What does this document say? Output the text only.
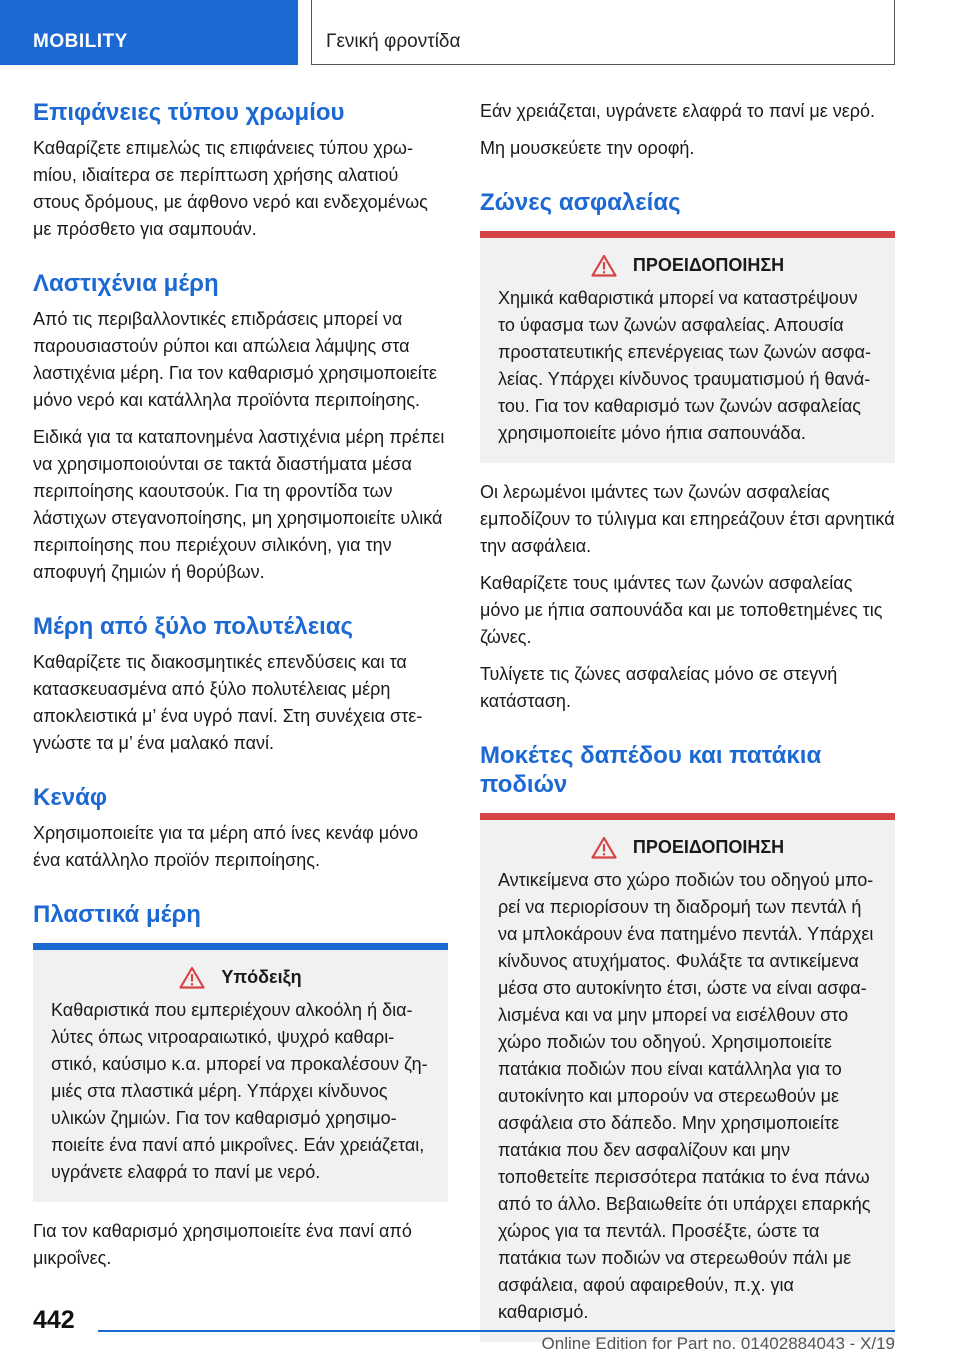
MOBILITY	Γενική φροντίδα
Επιφάνειες τύπου χρωμίου

Καθαρίζετε επιμελώς τις επιφάνειες τύπου χρωmίου, ιδιαίτερα σε περίπτωση χρήσης αλατιού στους δρόμους, με άφθονο νερό και ενδεχομένως με πρόσθετο για σαμπουάν.

Λαστιχένια μέρη

Από τις περιβαλλοντικές επιδράσεις μπορεί να παρουσιαστούν ρύποι και απώλεια λάμψης στα λαστιχένια μέρη. Για τον καθαρισμό χρησιμοποιείτε μόνο νερό και κατάλληλα προϊόντα περιποίησης.

Ειδικά για τα καταπονημένα λαστιχένια μέρη πρέπει να χρησιμοποιούνται σε τακτά διαστήματα μέσα περιποίησης καουτσούκ. Για τη φροντίδα των λάστιχων στεγανοποίησης, μη χρησιμοποιείτε υλικά περιποίησης που περιέχουν σιλικόνη, για την αποφυγή ζημιών ή θορύβων.

Μέρη από ξύλο πολυτέλειας

Καθαρίζετε τις διακοσμητικές επενδύσεις και τα κατασκευασμένα από ξύλο πολυτέλειας μέρη αποκλειστικά μ’ ένα υγρό πανί. Στη συνέχεια στεγνώστε τα μ’ ένα μαλακό πανί.

Κενάφ

Χρησιμοποιείτε για τα μέρη από ίνες κενάφ μόνο ένα κατάλληλο προϊόν περιποίησης.

Πλαστικά μέρη
Υπόδειξη

Καθαριστικά που εμπεριέχουν αλκοόλη ή διαλύτες όπως νιτροαραιωτικό, ψυχρό καθαριστικό, καύσιμο κ.α. μπορεί να προκαλέσουν ζημιές στα πλαστικά μέρη. Υπάρχει κίνδυνος υλικών ζημιών. Για τον καθαρισμό χρησιμοποιείτε ένα πανί από μικροΐνες. Εάν χρειάζεται, υγράνετε ελαφρά το πανί με νερό.

Για τον καθαρισμό χρησιμοποιείτε ένα πανί από μικροΐνες.

Εάν χρειάζεται, υγράνετε ελαφρά το πανί με νερό.

Μη μουσκεύετε την οροφή.

Ζώνες ασφαλείας
ΠΡΟΕΙΔΟΠΟΙΗΣΗ

Χημικά καθαριστικά μπορεί να καταστρέψουν το ύφασμα των ζωνών ασφαλείας. Απουσία προστατευτικής επενέργειας των ζωνών ασφαλείας. Υπάρχει κίνδυνος τραυματισμού ή θανάτου. Για τον καθαρισμό των ζωνών ασφαλείας χρησιμοποιείτε μόνο ήπια σαπουνάδα.

Οι λερωμένοι ιμάντες των ζωνών ασφαλείας εμποδίζουν το τύλιγμα και επηρεάζουν έτσι αρνητικά την ασφάλεια.

Καθαρίζετε τους ιμάντες των ζωνών ασφαλείας μόνο με ήπια σαπουνάδα και με τοποθετημένες τις ζώνες.

Τυλίγετε τις ζώνες ασφαλείας μόνο σε στεγνή κατάσταση.

Μοκέτες δαπέδου και πατάκια ποδιών
ΠΡΟΕΙΔΟΠΟΙΗΣΗ

Αντικείμενα στο χώρο ποδιών του οδηγού μπορεί να περιορίσουν τη διαδρομή των πεντάλ ή να μπλοκάρουν ένα πατημένο πεντάλ. Υπάρχει κίνδυνος ατυχήματος. Φυλάξτε τα αντικείμενα μέσα στο αυτοκίνητο έτσι, ώστε να είναι ασφαλισμένα και να μην μπορεί να εισέλθουν στο χώρο ποδιών του οδηγού. Χρησιμοποιείτε πατάκια ποδιών που είναι κατάλληλα για το αυτοκίνητο και μπορούν να στερεωθούν με ασφάλεια στο δάπεδο. Μην χρησιμοποιείτε πατάκια που δεν ασφαλίζουν και μην τοποθετείτε περισσότερα πατάκια το ένα πάνω από το άλλο. Βεβαιωθείτε ότι υπάρχει επαρκής χώρος για τα πεντάλ. Προσέξτε, ώστε τα πατάκια των ποδιών να στερεωθούν πάλι με ασφάλεια, αφού αφαιρεθούν, π.χ. για καθαρισμό.

442
Online Edition for Part no. 01402884043 - X/19
